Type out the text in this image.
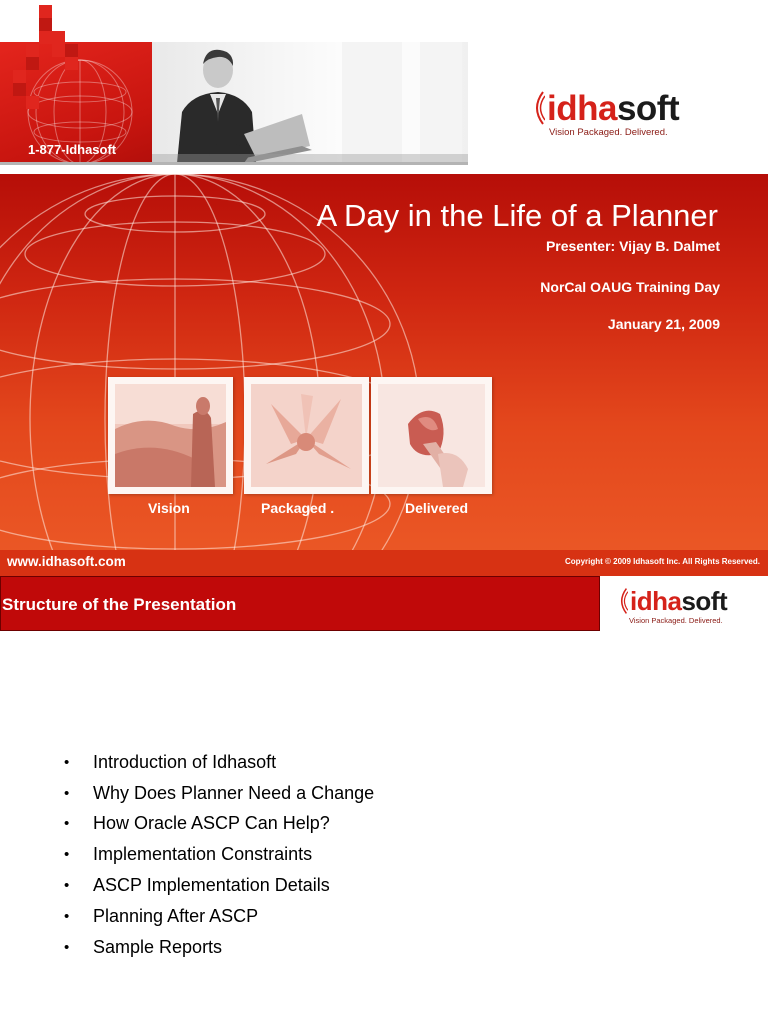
1-877-Idhasoft
idhasoft
Vision Packaged. Delivered.
A Day in the Life of a Planner
Presenter: Vijay B. Dalmet
NorCal OAUG Training Day
January 21, 2009
Vision	Packaged .	Delivered
www.idhasoft.com	Copyright © 2009 Idhasoft Inc. All Rights Reserved.
Structure of the Presentation	idhasoft
Vision Packaged. Delivered.
•	Introduction of Idhasoft
•	Why Does Planner Need a Change
•	How Oracle ASCP Can Help?
•	Implementation Constraints
•	ASCP Implementation Details
•	Planning After ASCP
•	Sample Reports
